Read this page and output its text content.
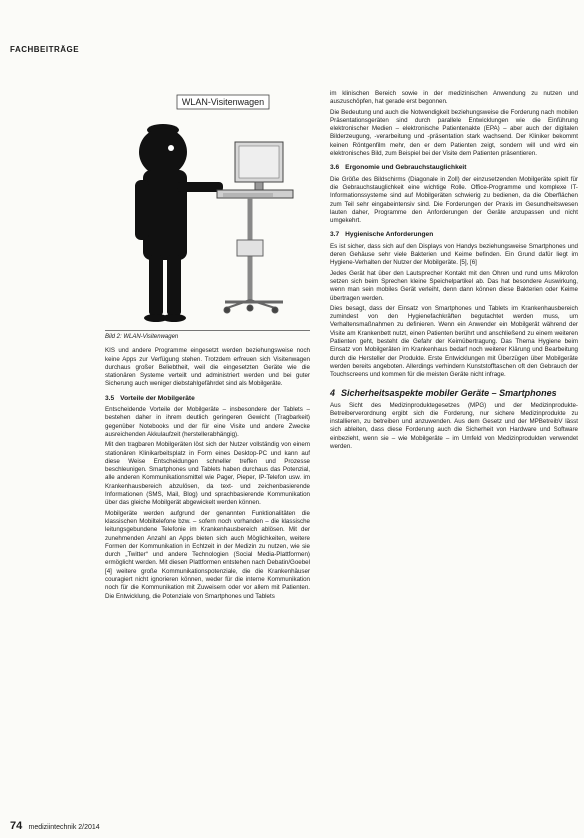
FACHBEITRÄGE
WLAN-Visitenwagen
Bild 2: WLAN-Visitenwagen

KIS und andere Programme eingesetzt werden beziehungsweise noch keine Apps zur Verfügung stehen. Trotzdem erfreuen sich Visitenwagen durchaus großer Beliebtheit, weil die eingesetzten Geräte wie die stationären Systeme verteilt und administriert werden und bei guter Sicherung auch weniger diebstahlgefährdet sind als Mobilgeräte.

3.5 Vorteile der Mobilgeräte

Entscheidende Vorteile der Mobilgeräte – insbesondere der Tablets – bestehen daher in ihrem deutlich geringeren Gewicht (Tragbarkeit) gegenüber Notebooks und der für eine Visite und andere Zwecke ausreichenden Akkulaufzeit (herstellerabhängig).

Mit den tragbaren Mobilgeräten löst sich der Nutzer vollständig von einem stationären Klinikarbeitsplatz in Form eines Desktop-PC und kann auf diese Weise Entscheidungen schneller treffen und Prozesse beschleunigen. Smartphones und Tablets haben durchaus das Potenzial, alle anderen Kommunikationsmittel wie Pager, Pieper, IP-Telefon usw. im Krankenhausbereich abzulösen, da text- und zeichenbasierende Informationen (SMS, Mail, Blog) und sprachbasierende Kommunikation über das gleiche Mobilgerät abgewickelt werden können.

Mobilgeräte werden aufgrund der genannten Funktionalitäten die klassischen Mobiltelefone bzw. – sofern noch vorhanden – die klassische leitungsgebundene Telefonie im Krankenhausbereich ablösen. Mit der zunehmenden Anzahl an Apps bieten sich auch Möglichkeiten, weitere Formen der Kommunikation in Echtzeit in der Medizin zu nutzen, wie sie durch „Twitter“ und andere Technologien (Social Media-Plattformen) ermöglicht werden. Mit diesen Plattformen entstehen nach Debatin/Goebel [4] weitere große Kommunikationspotenziale, die die Krankenhäuser couragiert nicht ignorieren können, weder für die interne Kommunikation noch für die Kommunikation mit Zuweisern oder vor allem mit Patienten. Die Entwicklung, die Potenziale von Smartphones und Tablets

im klinischen Bereich sowie in der medizinischen Anwendung zu nutzen und auszuschöpfen, hat gerade erst begonnen.

Die Bedeutung und auch die Notwendigkeit beziehungsweise die Forderung nach mobilen Präsentationsgeräten sind durch parallele Entwicklungen wie die Einführung elektronischer Medien – elektronische Patientenakte (EPA) – aber auch der digitalen Bilderzeugung, -verarbeitung und -präsentation stark wachsend. Der Kliniker bekommt keinen Röntgenfilm mehr, den er dem Patienten zeigt, sondern will und wird ein elektronisches Bild, zum Beispiel bei der Visite dem Patienten präsentieren.

3.6 Ergonomie und Gebrauchstauglichkeit

Die Größe des Bildschirms (Diagonale in Zoll) der einzusetzenden Mobilgeräte spielt für die Gebrauchstauglichkeit eine wichtige Rolle. Office-Programme und komplexe IT-Informationssysteme sind auf Mobilgeräten schwierig zu bedienen, da die Oberflächen zum Teil sehr eingabeintensiv sind. Die Forderungen der Praxis im Gesundheitswesen lauten daher, Programme den Anforderungen der Geräte anzupassen und nicht umgekehrt.

3.7 Hygienische Anforderungen

Es ist sicher, dass sich auf den Displays von Handys beziehungsweise Smartphones und deren Gehäuse sehr viele Bakterien und Keime befinden. Ein Grund dafür liegt im Hygiene-Verhalten der Nutzer der Mobilgeräte. [5], [6]

Jedes Gerät hat über den Lautsprecher Kontakt mit den Ohren und rund ums Mikrofon setzen sich beim Sprechen kleine Speichelpartikel ab. Das hat besondere Auswirkung, wenn man sein mobiles Gerät verleiht, denn dann können diese Bakterien oder Keime übertragen werden.

Dies besagt, dass der Einsatz von Smartphones und Tablets im Krankenhausbereich zumindest von den Hygienefachkräften begutachtet werden muss, um Verhaltensmaßnahmen zu definieren. Wenn ein Anwender ein Mobilgerät während der Visite am Krankenbett nutzt, einen Patienten berührt und anschließend zu einem weiteren Patienten geht, besteht die Gefahr der Keimübertragung. Das Thema Hygiene beim Einsatz von Mobilgeräten im Krankenhaus bedarf noch weiterer Klärung und Bearbeitung durch die Hersteller der Produkte. Erste Entwicklungen mit Überzügen über Mobilgeräte werden bereits angeboten. Allerdings verhindern Kunststofftaschen oft den Gebrauch der Touchscreens und kommen für die meisten Geräte nicht infrage.

4 Sicherheitsaspekte mobiler Geräte – Smartphones

Aus Sicht des Medizinproduktegesetzes (MPG) und der Medizinprodukte-Betreiberverordnung ergibt sich die Forderung, nur sichere Medizinprodukte zu installieren, zu betreiben und anzuwenden. Aus dem Gesetz und der MPBetreibV lässt sich ableiten, dass diese Forderung auch die Sicherheit von Hardware und Software einbezieht, wenn sie – wie Mobilgeräte – im Umfeld von Medizinprodukten verwendet werden.

74 mediziintechnik 2/2014
